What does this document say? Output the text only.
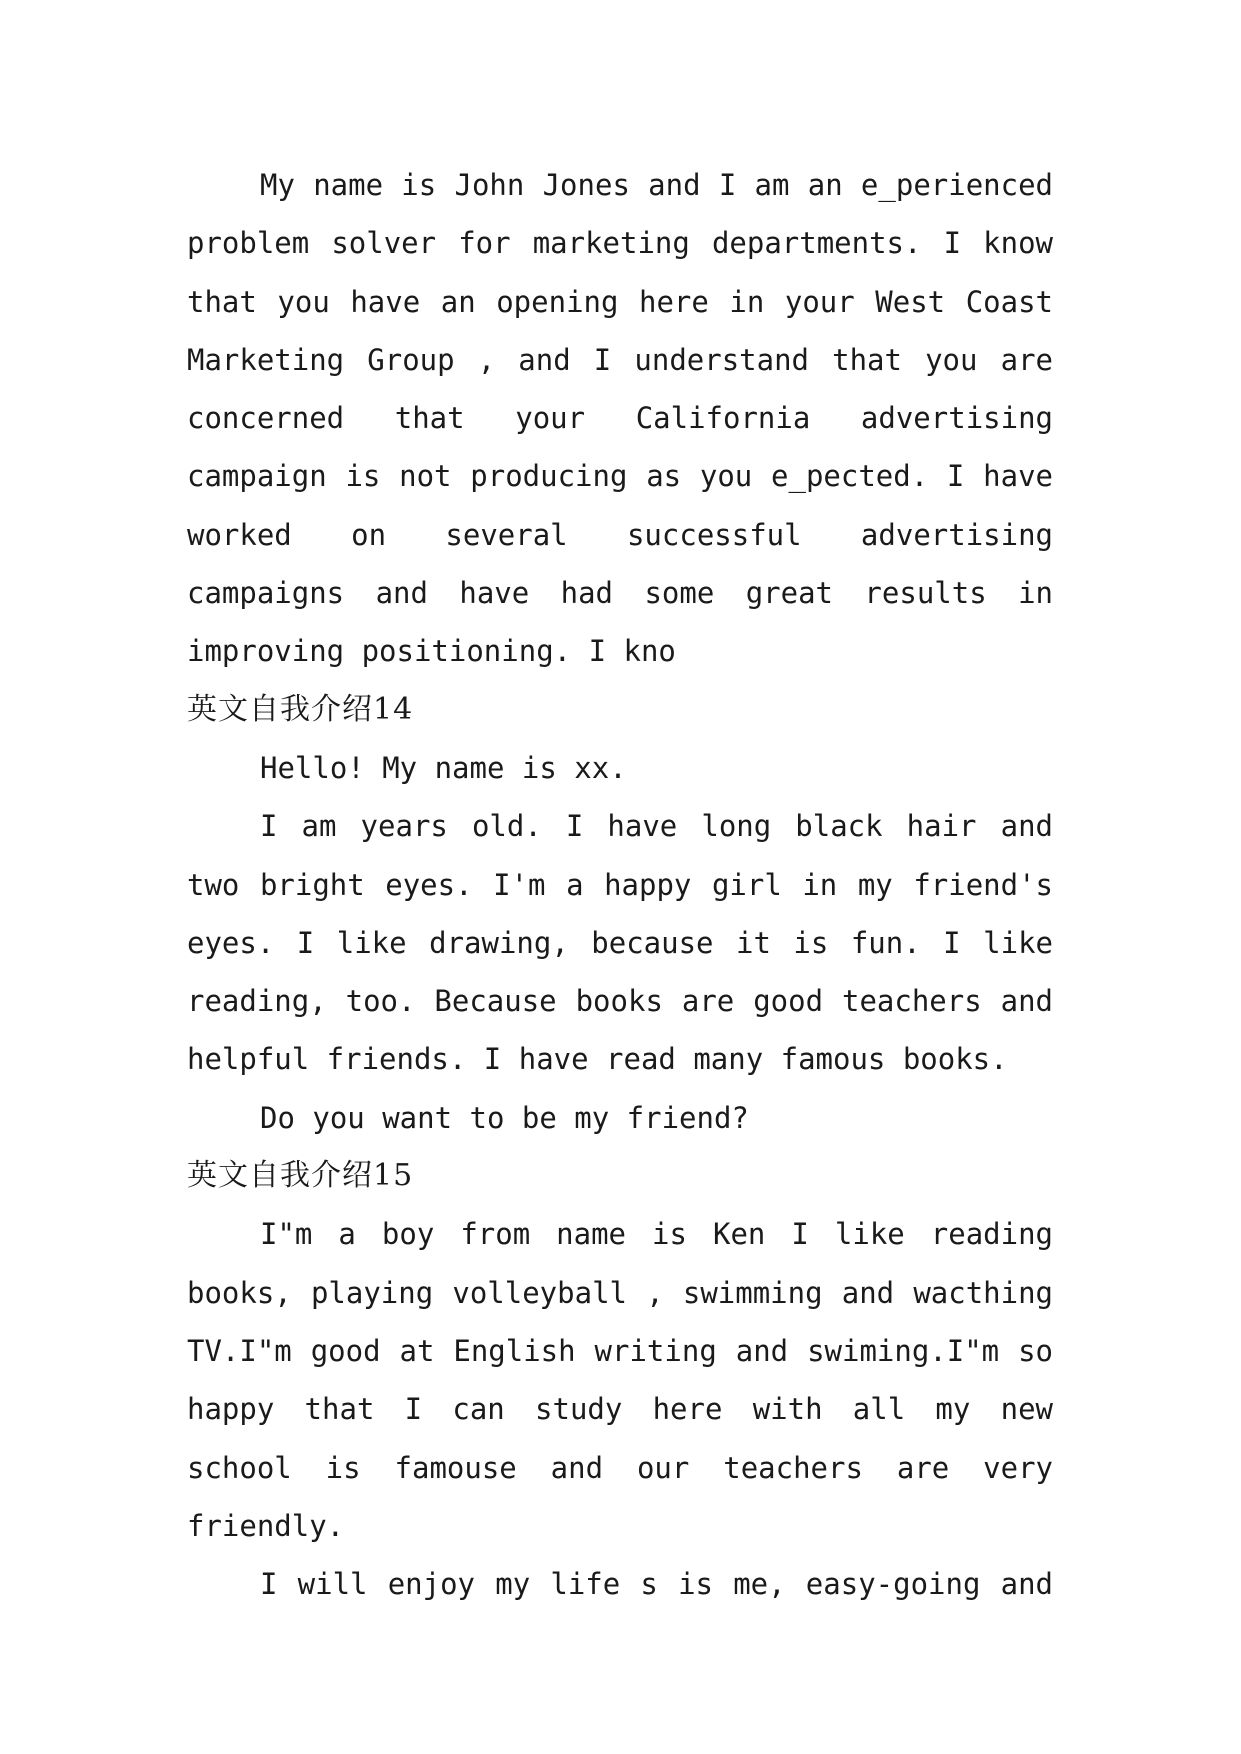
My name is John Jones and I am an e_perienced problem solver for marketing departments. I know that you have an opening here in your West Coast Marketing Group , and I understand that you are concerned that your California advertising campaign is not producing as you e_pected. I have worked on several successful advertising campaigns and have had some great results in improving positioning. I kno

英文自我介绍14

Hello! My name is xx.

I am years old. I have long black hair and two bright eyes. I'm a happy girl in my friend's eyes. I like drawing, because it is fun. I like reading, too. Because books are good teachers and helpful friends. I have read many famous books.

Do you want to be my friend?

英文自我介绍15

I"m a boy from name is Ken I like reading books, playing volleyball , swimming and wacthing TV.I"m good at English writing and swiming.I"m so happy that I can study here with all my new school is famouse and our teachers are very friendly.

I will enjoy my life s is me, easy-going and
